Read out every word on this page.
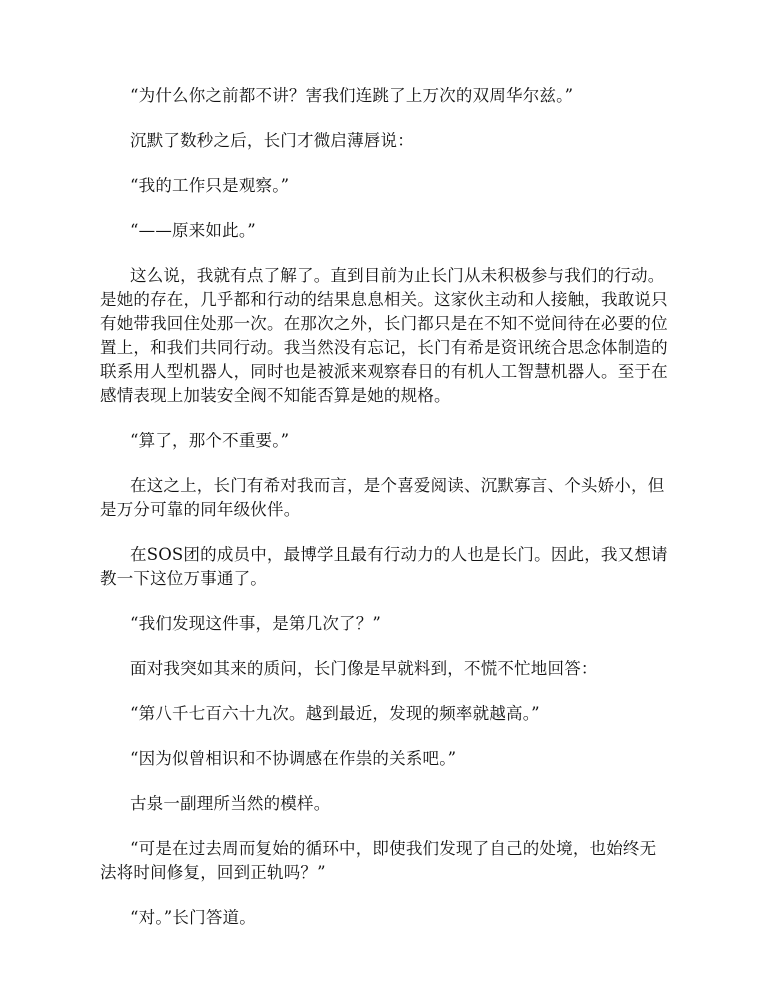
“为什么你之前都不讲？害我们连跳了上万次的双周华尔兹。”

沉默了数秒之后，长门才微启薄唇说：

“我的工作只是观察。”

“——原来如此。”

这么说，我就有点了解了。直到目前为止长门从未积极参与我们的行动。是她的存在，几乎都和行动的结果息息相关。这家伙主动和人接触，我敢说只有她带我回住处那一次。在那次之外，长门都只是在不知不觉间待在必要的位置上，和我们共同行动。我当然没有忘记，长门有希是资讯统合思念体制造的联系用人型机器人，同时也是被派来观察春日的有机人工智慧机器人。至于在感情表现上加装安全阀不知能否算是她的规格。

“算了，那个不重要。”

在这之上，长门有希对我而言，是个喜爱阅读、沉默寡言、个头娇小，但是万分可靠的同年级伙伴。

在SOS团的成员中，最博学且最有行动力的人也是长门。因此，我又想请教一下这位万事通了。

“我们发现这件事，是第几次了？”

面对我突如其来的质问，长门像是早就料到，不慌不忙地回答：

“第八千七百六十九次。越到最近，发现的频率就越高。”

“因为似曾相识和不协调感在作祟的关系吧。”

古泉一副理所当然的模样。

“可是在过去周而复始的循环中，即使我们发现了自己的处境，也始终无法将时间修复，回到正轨吗？”

“对。”长门答道。
